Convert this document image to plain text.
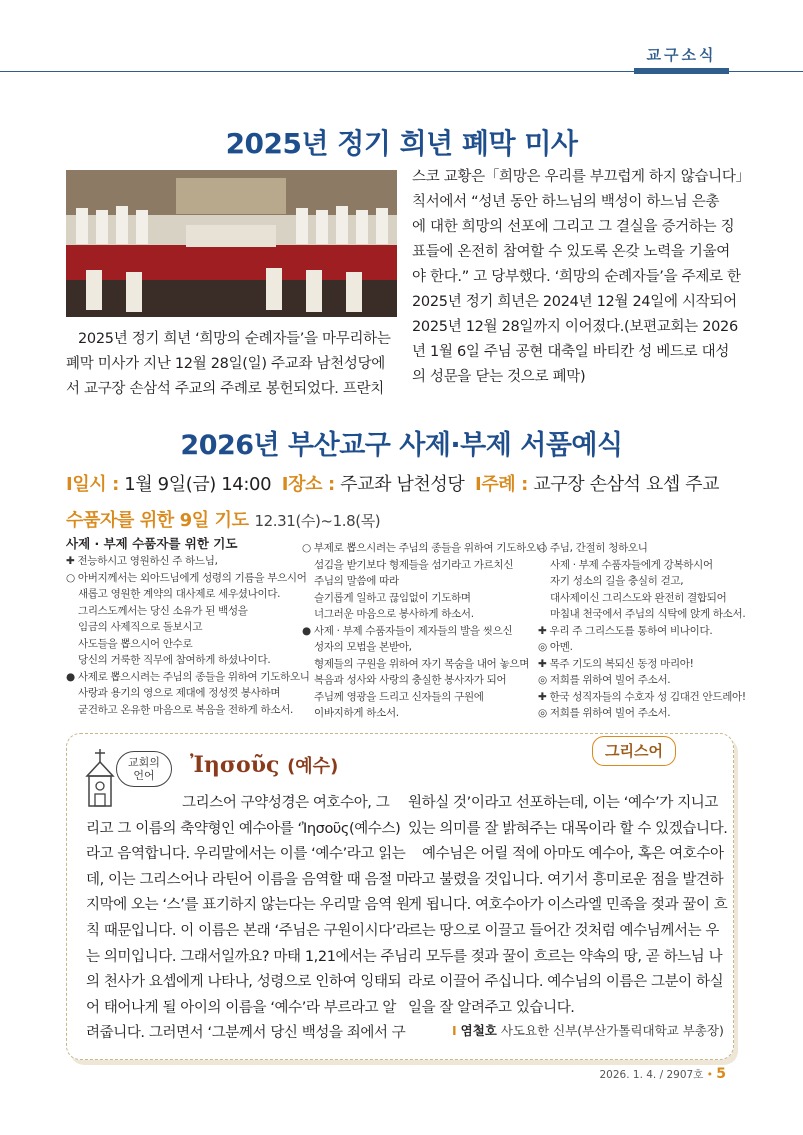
교구소식
2025년 정기 희년 폐막 미사
2025년 정기 희년 ‘희망의 순례자들’을 마무리하는
폐막 미사가 지난 12월 28일(일) 주교좌 남천성당에
서 교구장 손삼석 주교의 주례로 봉헌되었다. 프란치
스코 교황은「희망은 우리를 부끄럽게 하지 않습니다」
칙서에서 “성년 동안 하느님의 백성이 하느님 은총
에 대한 희망의 선포에 그리고 그 결실을 증거하는 징
표들에 온전히 참여할 수 있도록 온갖 노력을 기울여
야 한다.” 고 당부했다. ‘희망의 순례자들’을 주제로 한
2025년 정기 희년은 2024년 12월 24일에 시작되어
2025년 12월 28일까지 이어졌다.(보편교회는 2026
년 1월 6일 주님 공현 대축일 바티칸 성 베드로 대성
의 성문을 닫는 것으로 폐막)
2026년 부산교구 사제·부제 서품예식
Ⅰ일시 : 1월 9일(금) 14:00 Ⅰ장소 : 주교좌 남천성당 Ⅰ주례 : 교구장 손삼석 요셉 주교
수품자를 위한 9일 기도 12.31(수)~1.8(목)
사제 · 부제 수품자를 위한 기도
✚ 전능하시고 영원하신 주 하느님,
○ 아버지께서는 외아드님에게 성령의 기름을 부으시어
새롭고 영원한 계약의 대사제로 세우셨나이다.
그리스도께서는 당신 소유가 된 백성을
임금의 사제직으로 돌보시고
사도들을 뽑으시어 안수로
당신의 거룩한 직무에 참여하게 하셨나이다.
● 사제로 뽑으시려는 주님의 종들을 위하여 기도하오니
사랑과 용기의 영으로 제대에 정성껏 봉사하며
굳건하고 온유한 마음으로 복음을 전하게 하소서.
○ 부제로 뽑으시려는 주님의 종들을 위하여 기도하오니
섬김을 받기보다 형제들을 섬기라고 가르치신
주님의 말씀에 따라
슬기롭게 일하고 끊임없이 기도하며
너그러운 마음으로 봉사하게 하소서.
● 사제 · 부제 수품자들이 제자들의 발을 씻으신
성자의 모범을 본받아,
형제들의 구원을 위하여 자기 목숨을 내어 놓으며
복음과 성사와 사랑의 충실한 봉사자가 되어
주님께 영광을 드리고 신자들의 구원에
이바지하게 하소서.
○ 주님, 간절히 청하오니
사제 · 부제 수품자들에게 강복하시어
자기 성소의 길을 충실히 걷고,
대사제이신 그리스도와 완전히 결합되어
마침내 천국에서 주님의 식탁에 앉게 하소서.
✚ 우리 주 그리스도를 통하여 비나이다.
◎ 아멘.
✚ 목주 기도의 복되신 동정 마리아!
◎ 저희를 위하여 빌어 주소서.
✚ 한국 성직자들의 수호자 성 김대건 안드레아!
◎ 저희를 위하여 빌어 주소서.
그리스어
교회의
언어	Ἰησοῦς (예수)
그리스어 구약성경은 여호수아, 그
리고 그 이름의 축약형인 예수아를 ‘Ἰησοῦς(예수스)
라고 음역합니다. 우리말에서는 이를 ‘예수’라고 읽는
데, 이는 그리스어나 라틴어 이름을 음역할 때 음절 마
지막에 오는 ‘스’를 표기하지 않는다는 우리말 음역 원
칙 때문입니다. 이 이름은 본래 ‘주님은 구원이시다’라
는 의미입니다. 그래서일까요? 마태 1,21에서는 주님
의 천사가 요셉에게 나타나, 성령으로 인하여 잉태되
어 태어나게 될 아이의 이름을 ‘예수’라 부르라고 알
려줍니다. 그러면서 ‘그분께서 당신 백성을 죄에서 구
원하실 것’이라고 선포하는데, 이는 ‘예수’가 지니고
있는 의미를 잘 밝혀주는 대목이라 할 수 있겠습니다.
예수님은 어릴 적에 아마도 예수아, 혹은 여호수아
라고 불렸을 것입니다. 여기서 흥미로운 점을 발견하
게 됩니다. 여호수아가 이스라엘 민족을 젖과 꿀이 흐
르는 땅으로 이끌고 들어간 것처럼 예수님께서는 우
리 모두를 젖과 꿀이 흐르는 약속의 땅, 곧 하느님 나
라로 이끌어 주십니다. 예수님의 이름은 그분이 하실
일을 잘 알려주고 있습니다.
Ⅰ 염철호 사도요한 신부(부산가톨릭대학교 부총장)
2026. 1. 4. / 2907호 • 5
